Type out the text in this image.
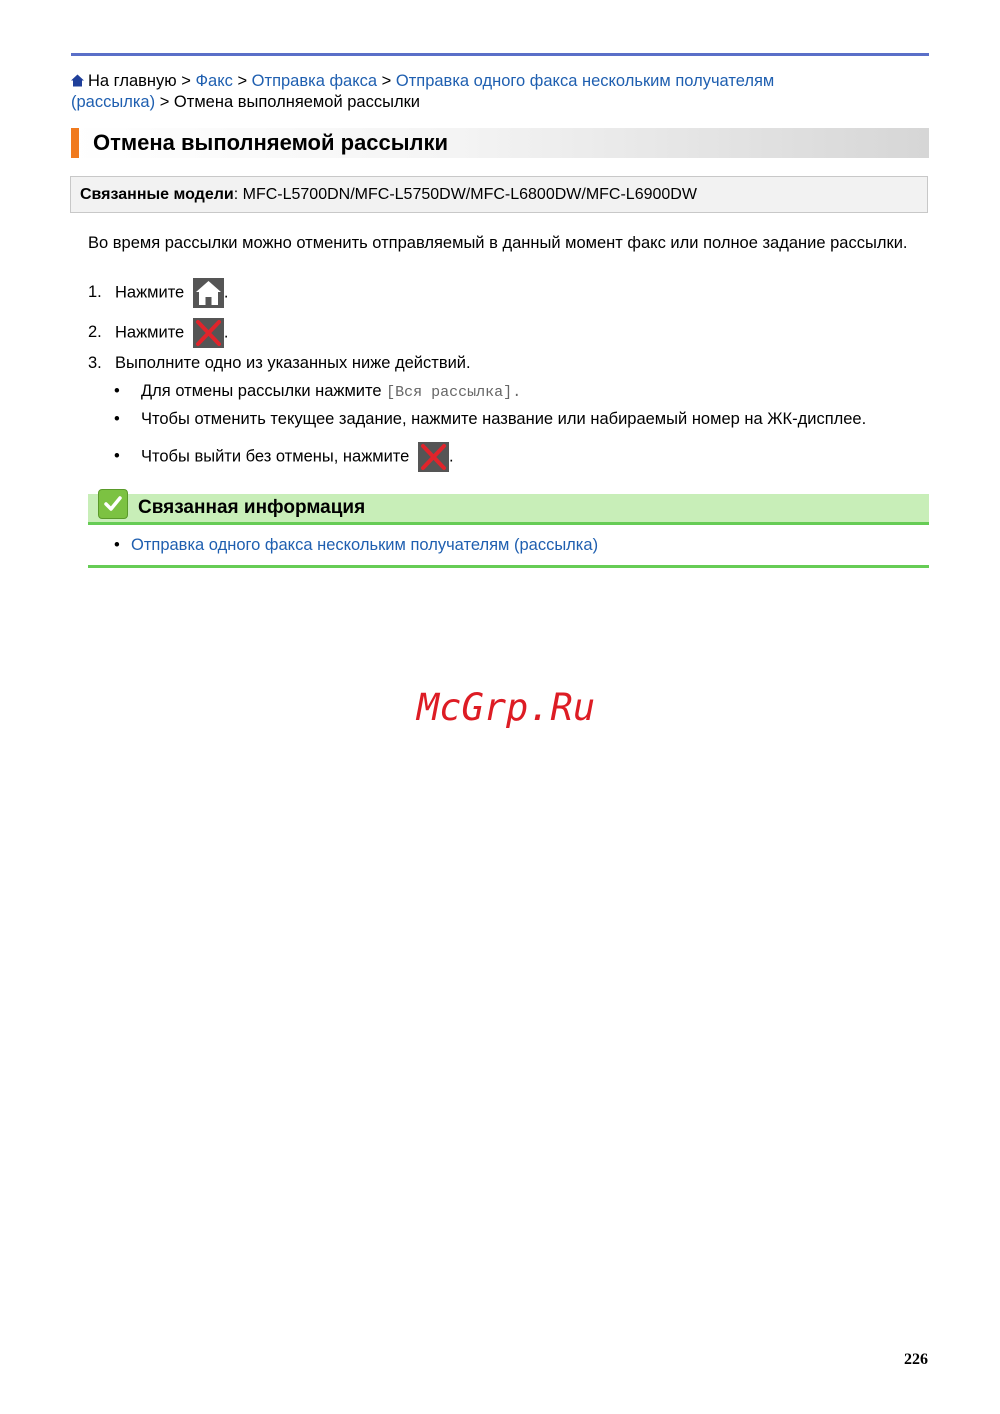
На главную > Факс > Отправка факса > Отправка одного факса нескольким получателям
(рассылка) > Отмена выполняемой рассылки
Отмена выполняемой рассылки
Связанные модели: MFC-L5700DN/MFC-L5750DW/MFC-L6800DW/MFC-L6900DW
Во время рассылки можно отменить отправляемый в данный момент факс или полное задание рассылки.
1. Нажмите .
2. Нажмите .
3. Выполните одно из указанных ниже действий.
• Для отмены рассылки нажмите [Вся рассылка].
• Чтобы отменить текущее задание, нажмите название или набираемый номер на ЖК-дисплее.
• Чтобы выйти без отмены, нажмите .
Связанная информация
• Отправка одного факса нескольким получателям (рассылка)
McGrp.Ru
226
